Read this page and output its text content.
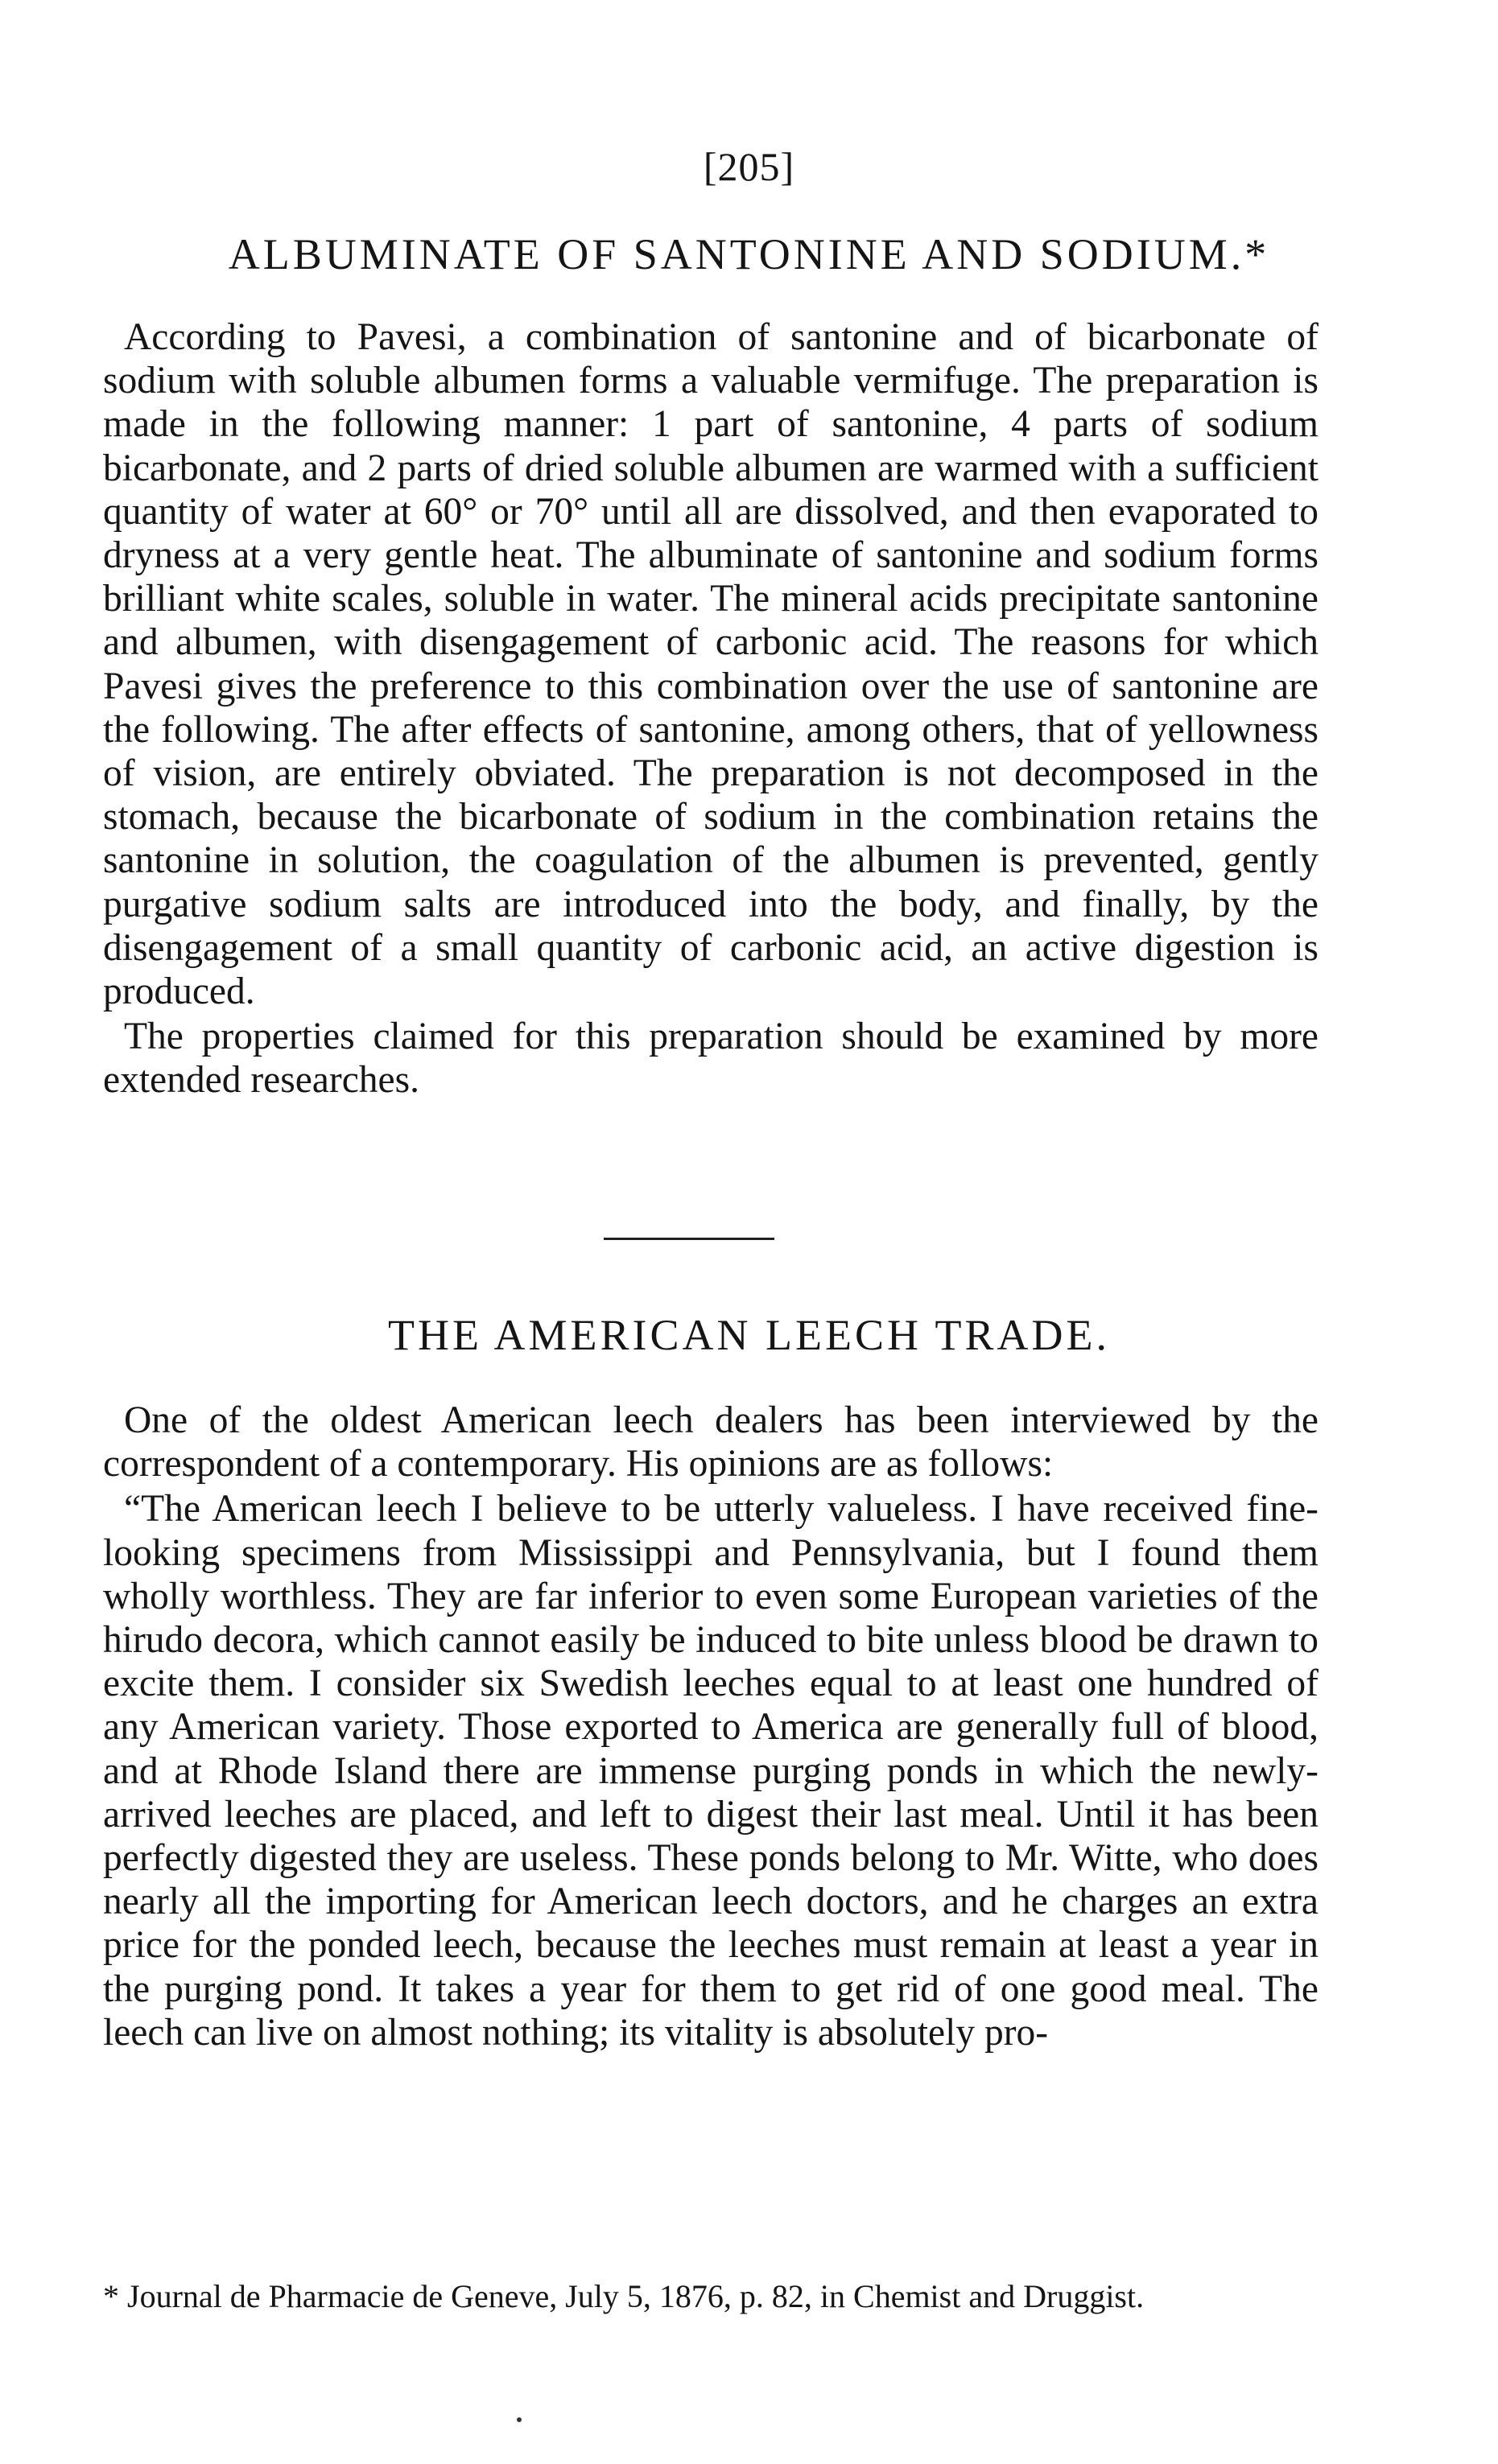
[205]
ALBUMINATE OF SANTONINE AND SODIUM.*

According to Pavesi, a combination of santonine and of bicarbonate of sodium with soluble albumen forms a valuable vermifuge. The preparation is made in the following manner: 1 part of santonine, 4 parts of sodium bicarbonate, and 2 parts of dried soluble albumen are warmed with a sufficient quantity of water at 60° or 70° until all are dissolved, and then evaporated to dryness at a very gentle heat. The albuminate of santonine and sodium forms brilliant white scales, soluble in water. The mineral acids precipitate santonine and albumen, with disengagement of carbonic acid. The reasons for which Pavesi gives the preference to this combination over the use of santonine are the following. The after effects of santonine, among others, that of yellowness of vision, are entirely obviated. The preparation is not decomposed in the stomach, because the bicarbonate of sodium in the combination retains the santonine in solution, the coagulation of the albumen is prevented, gently purgative sodium salts are introduced into the body, and finally, by the disengagement of a small quantity of carbonic acid, an active digestion is produced.

The properties claimed for this preparation should be examined by more extended researches.

THE AMERICAN LEECH TRADE.

One of the oldest American leech dealers has been interviewed by the correspondent of a contemporary. His opinions are as follows:

“The American leech I believe to be utterly valueless. I have received fine-looking specimens from Mississippi and Pennsylvania, but I found them wholly worthless. They are far inferior to even some European varieties of the hirudo decora, which cannot easily be induced to bite unless blood be drawn to excite them. I consider six Swedish leeches equal to at least one hundred of any American variety. Those exported to America are generally full of blood, and at Rhode Island there are immense purging ponds in which the newly-arrived leeches are placed, and left to digest their last meal. Until it has been perfectly digested they are useless. These ponds belong to Mr. Witte, who does nearly all the importing for American leech doctors, and he charges an extra price for the ponded leech, because the leeches must remain at least a year in the purging pond. It takes a year for them to get rid of one good meal. The leech can live on almost nothing; its vitality is absolutely pro-

* Journal de Pharmacie de Geneve, July 5, 1876, p. 82, in Chemist and Druggist.
